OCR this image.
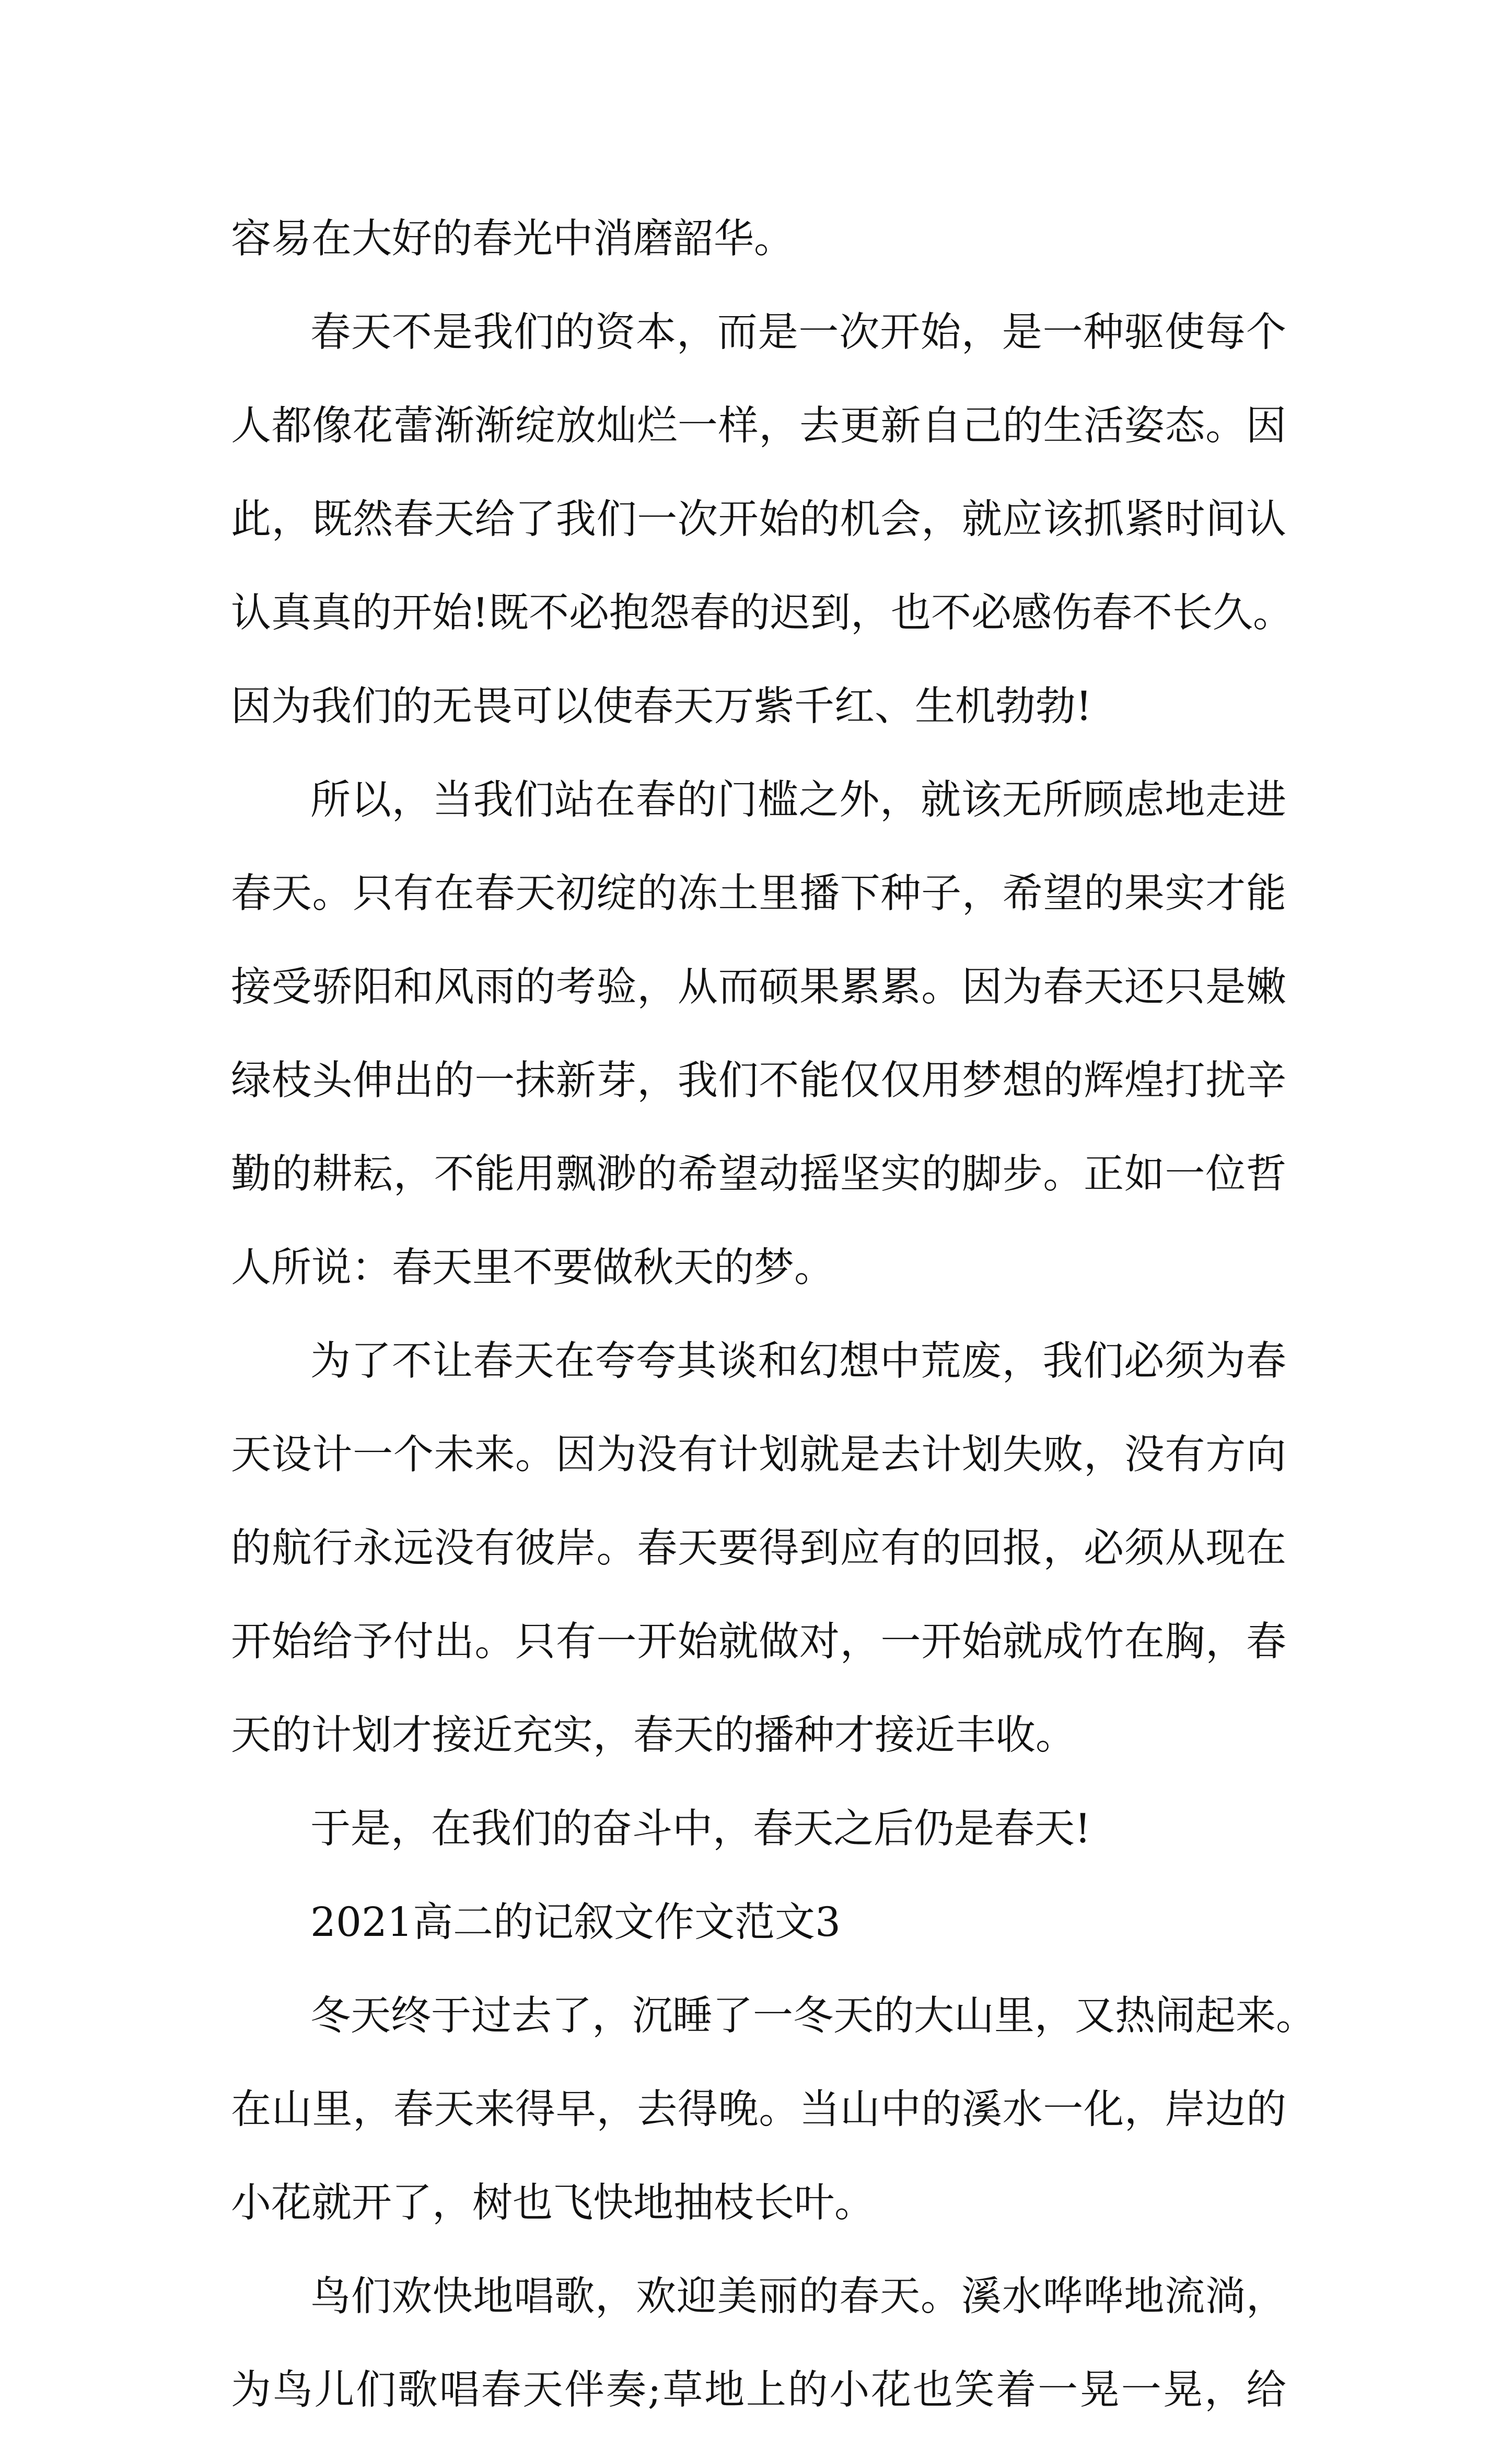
容易在大好的春光中消磨韶华。
春天不是我们的资本，而是一次开始，是一种驱使每个
人都像花蕾渐渐绽放灿烂一样，去更新自己的生活姿态。因
此，既然春天给了我们一次开始的机会，就应该抓紧时间认
认真真的开始!既不必抱怨春的迟到，也不必感伤春不长久。
因为我们的无畏可以使春天万紫千红、生机勃勃!
所以，当我们站在春的门槛之外，就该无所顾虑地走进
春天。只有在春天初绽的冻土里播下种子，希望的果实才能
接受骄阳和风雨的考验，从而硕果累累。因为春天还只是嫩
绿枝头伸出的一抹新芽，我们不能仅仅用梦想的辉煌打扰辛
勤的耕耘，不能用飘渺的希望动摇坚实的脚步。正如一位哲
人所说：春天里不要做秋天的梦。
为了不让春天在夸夸其谈和幻想中荒废，我们必须为春
天设计一个未来。因为没有计划就是去计划失败，没有方向
的航行永远没有彼岸。春天要得到应有的回报，必须从现在
开始给予付出。只有一开始就做对，一开始就成竹在胸，春
天的计划才接近充实，春天的播种才接近丰收。
于是，在我们的奋斗中，春天之后仍是春天!
2021高二的记叙文作文范文3
冬天终于过去了，沉睡了一冬天的大山里，又热闹起来。
在山里，春天来得早，去得晚。当山中的溪水一化，岸边的
小花就开了，树也飞快地抽枝长叶。
鸟们欢快地唱歌，欢迎美丽的春天。溪水哗哗地流淌，
为鸟儿们歌唱春天伴奏;草地上的小花也笑着一晃一晃，给
